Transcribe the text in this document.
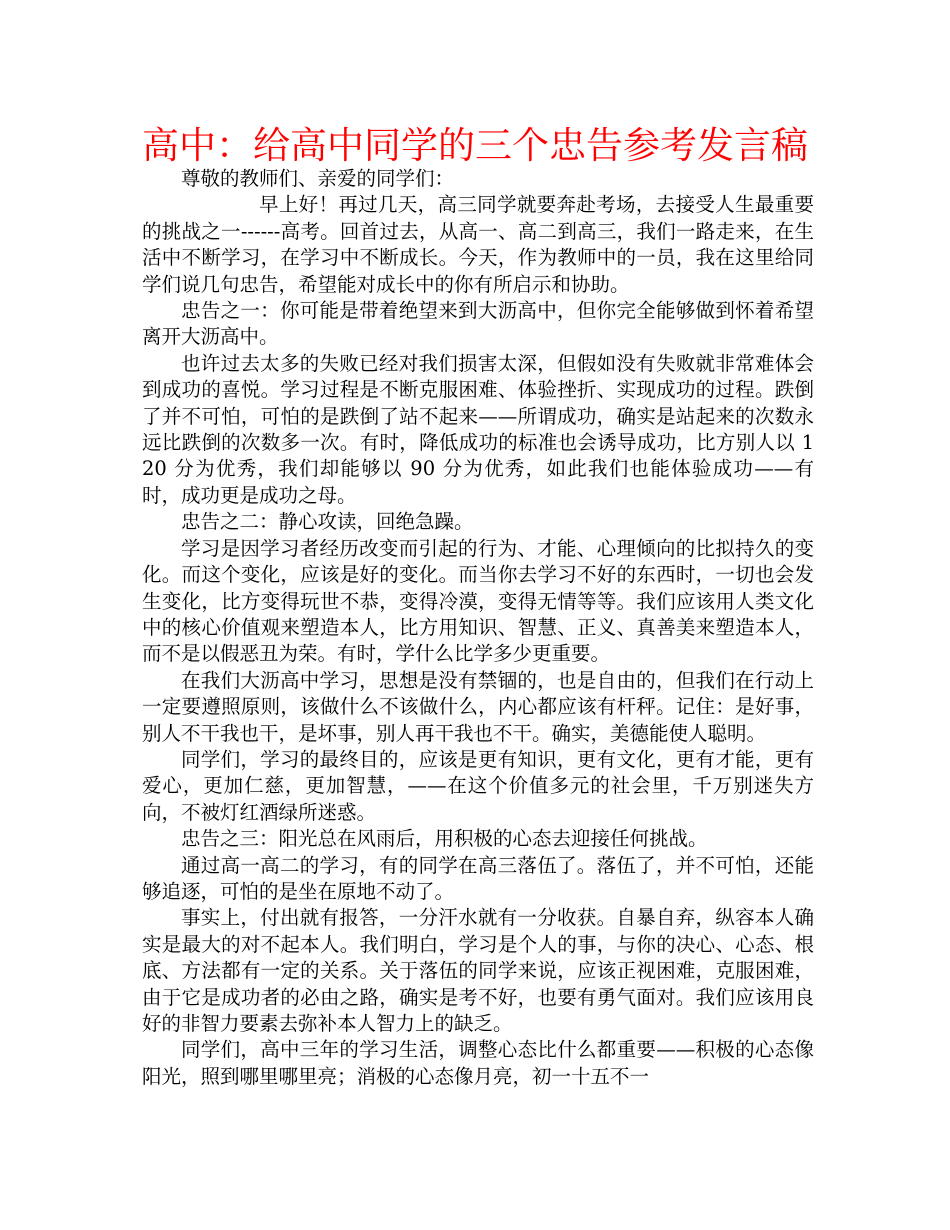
高中：给高中同学的三个忠告参考发言稿

尊敬的教师们、亲爱的同学们：

早上好！再过几天，高三同学就要奔赴考场，去接受人生最重要的挑战之一------高考。回首过去，从高一、高二到高三，我们一路走来，在生活中不断学习，在学习中不断成长。今天，作为教师中的一员，我在这里给同学们说几句忠告，希望能对成长中的你有所启示和协助。

忠告之一：你可能是带着绝望来到大沥高中，但你完全能够做到怀着希望离开大沥高中。

也许过去太多的失败已经对我们损害太深，但假如没有失败就非常难体会到成功的喜悦。学习过程是不断克服困难、体验挫折、实现成功的过程。跌倒了并不可怕，可怕的是跌倒了站不起来——所谓成功，确实是站起来的次数永远比跌倒的次数多一次。有时，降低成功的标准也会诱导成功，比方别人以 120 分为优秀，我们却能够以 90 分为优秀，如此我们也能体验成功——有时，成功更是成功之母。

忠告之二：静心攻读，回绝急躁。

学习是因学习者经历改变而引起的行为、才能、心理倾向的比拟持久的变化。而这个变化，应该是好的变化。而当你去学习不好的东西时，一切也会发生变化，比方变得玩世不恭，变得冷漠，变得无情等等。我们应该用人类文化中的核心价值观来塑造本人，比方用知识、智慧、正义、真善美来塑造本人，而不是以假恶丑为荣。有时，学什么比学多少更重要。

在我们大沥高中学习，思想是没有禁锢的，也是自由的，但我们在行动上一定要遵照原则，该做什么不该做什么，内心都应该有杆秤。记住：是好事，别人不干我也干，是坏事，别人再干我也不干。确实，美德能使人聪明。

同学们，学习的最终目的，应该是更有知识，更有文化，更有才能，更有爱心，更加仁慈，更加智慧，——在这个价值多元的社会里，千万别迷失方向，不被灯红酒绿所迷惑。

忠告之三：阳光总在风雨后，用积极的心态去迎接任何挑战。

通过高一高二的学习，有的同学在高三落伍了。落伍了，并不可怕，还能够追逐，可怕的是坐在原地不动了。

事实上，付出就有报答，一分汗水就有一分收获。自暴自弃，纵容本人确实是最大的对不起本人。我们明白，学习是个人的事，与你的决心、心态、根底、方法都有一定的关系。关于落伍的同学来说，应该正视困难，克服困难，由于它是成功者的必由之路，确实是考不好，也要有勇气面对。我们应该用良好的非智力要素去弥补本人智力上的缺乏。

同学们，高中三年的学习生活，调整心态比什么都重要——积极的心态像阳光，照到哪里哪里亮；消极的心态像月亮，初一十五不一
